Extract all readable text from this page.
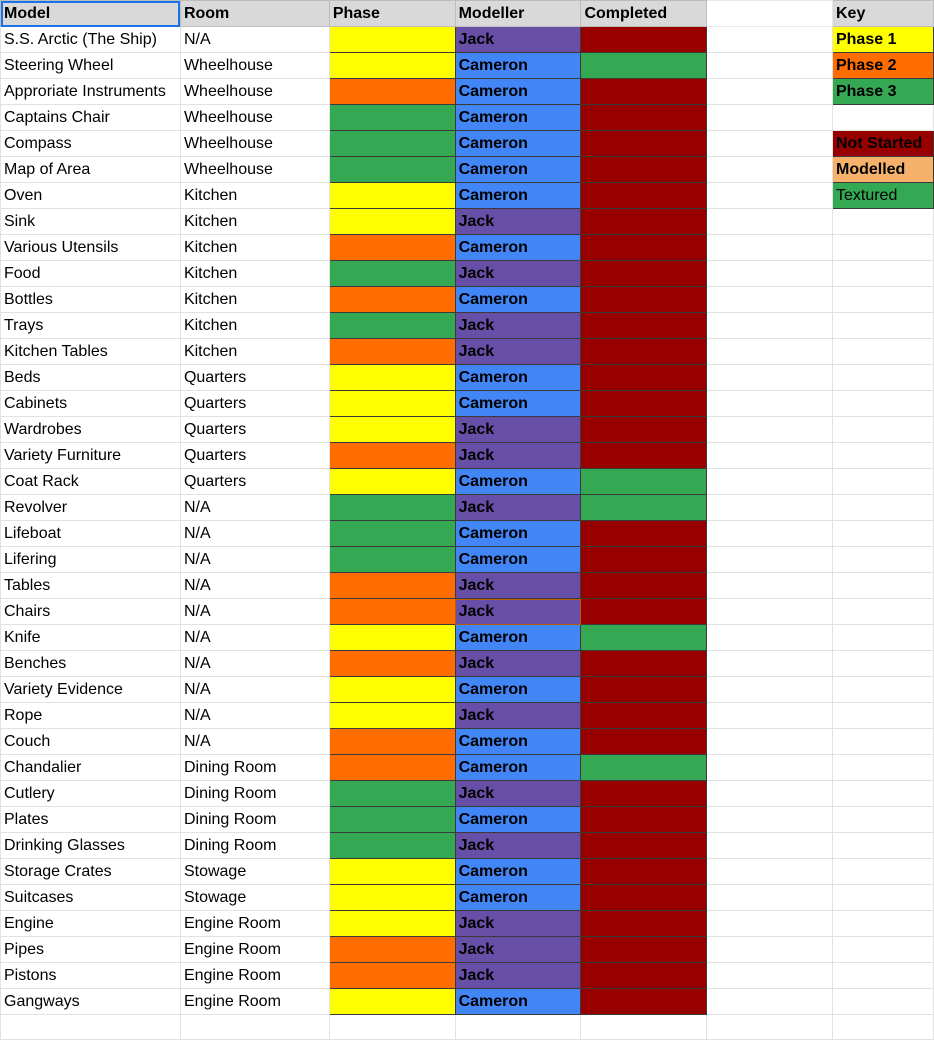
Model	Room	Phase	Modeller	Completed		Key
S.S. Arctic (The Ship)	N/A		Jack			Phase 1
Steering Wheel	Wheelhouse		Cameron			Phase 2
Approriate Instruments	Wheelhouse		Cameron			Phase 3
Captains Chair	Wheelhouse		Cameron			
Compass	Wheelhouse		Cameron			Not Started
Map of Area	Wheelhouse		Cameron			Modelled
Oven	Kitchen		Cameron			Textured
Sink	Kitchen		Jack			
Various Utensils	Kitchen		Cameron			
Food	Kitchen		Jack			
Bottles	Kitchen		Cameron			
Trays	Kitchen		Jack			
Kitchen Tables	Kitchen		Jack			
Beds	Quarters		Cameron			
Cabinets	Quarters		Cameron			
Wardrobes	Quarters		Jack			
Variety Furniture	Quarters		Jack			
Coat Rack	Quarters		Cameron			
Revolver	N/A		Jack			
Lifeboat	N/A		Cameron			
Lifering	N/A		Cameron			
Tables	N/A		Jack			
Chairs	N/A		Jack			
Knife	N/A		Cameron			
Benches	N/A		Jack			
Variety Evidence	N/A		Cameron			
Rope	N/A		Jack			
Couch	N/A		Cameron			
Chandalier	Dining Room		Cameron			
Cutlery	Dining Room		Jack			
Plates	Dining Room		Cameron			
Drinking Glasses	Dining Room		Jack			
Storage Crates	Stowage		Cameron			
Suitcases	Stowage		Cameron			
Engine	Engine Room		Jack			
Pipes	Engine Room		Jack			
Pistons	Engine Room		Jack			
Gangways	Engine Room		Cameron			
